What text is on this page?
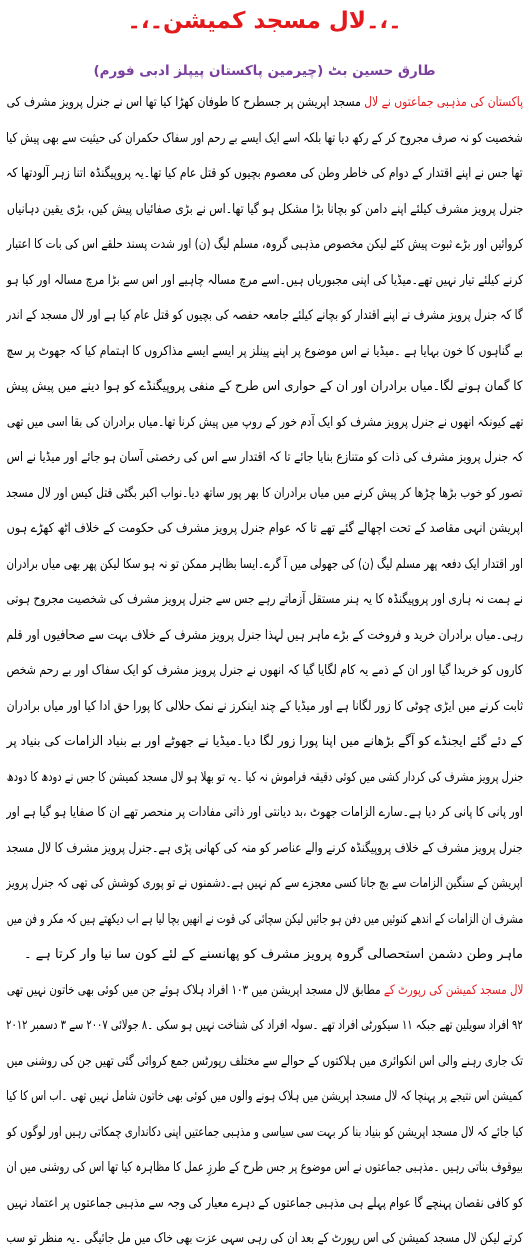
۔،۔لال مسجد کمیشن۔،۔
طارق حسین بٹ (چیرمین پاکستان پیپلز ادبی فورم)
پاکستان کی مذہبی جماعتوں نے لال مسجد اپریشن پر جسطرح کا طوفان کھڑا کیا تھا اس نے جنرل پرویز مشرف کی
شخصیت کو نہ صرف مجروح کر کے رکھ دیا تھا بلکہ اسے ایک ایسے بے رحم اور سفاک حکمران کی حیثیت سے بھی پیش کیا
تھا جس نے اپنے اقتدار کے دوام کی خاطر وطن کی معصوم بچیوں کو قتل عام کیا تھا۔یہ پروپیگنڈہ اتنا زہر آلودتھا کہ
جنرل پرویز مشرف کیلئے اپنے دامن کو بچانا بڑا مشکل ہو گیا تھا۔اس نے بڑی صفائیاں پیش کیں، بڑی یقین دہانیاں
کروائیں اور بڑے ثبوت پیش کئے لیکن مخصوص مذہبی گروہ، مسلم لیگ (ن) اور شدت پسند حلقے اس کی بات کا اعتبار
کرنے کیلئے تیار نہیں تھے۔میڈیا کی اپنی مجبوریاں ہیں۔اسے مرچ مسالہ چاہیے اور اس سے بڑا مرچ مسالہ اور کیا ہو
گا کہ جنرل پرویز مشرف نے اپنے اقتدار کو بچانے کیلئے جامعہ حفصہ کی بچیوں کو قتل عام کیا ہے اور لال مسجد کے اندر
بے گناہوں کا خون بہایا ہے ۔میڈیا نے اس موضوع پر اپنے پینلز پر ایسے ایسے مذاکروں کا اہتمام کیا کہ جھوٹ پر سچ
کا گمان ہونے لگا۔میاں برادران اور ان کے حواری اس طرح کے منفی پروپیگنڈے کو ہوا دینے میں پیش پیش
تھے کیونکہ انھوں نے جنرل پرویز مشرف کو ایک آدم خور کے روپ میں پیش کرنا تھا۔میاں برادران کی بقا اسی میں تھی
کہ جنرل پرویز مشرف کی ذات کو متنازع بنایا جائے تا کہ اقتدار سے اس کی رخصتی آسان ہو جائے اور میڈیا نے اس
تصور کو خوب بڑھا چڑھا کر پیش کرنے میں میاں برادران کا بھر پور ساتھ دیا۔نواب اکبر بگٹی قتل کیس اور لال مسجد
اپریشن انہی مقاصد کے تحت اچھالے گئے تھے تا کہ عوام جنرل پرویز مشرف کی حکومت کے خلاف اٹھ کھڑے ہوں
اور اقتدار ایک دفعہ پھر مسلم لیگ (ن) کی جھولی میں آ گرے۔ایسا بظاہر ممکن تو نہ ہو سکا لیکن پھر بھی میاں برادران
نے ہمت نہ ہاری اور پروپیگنڈہ کا یہ ہنر مستقل آزماتے رہے جس سے جنرل پرویز مشرف کی شخصیت مجروح ہوتی
رہی۔میاں برادران خرید و فروخت کے بڑے ماہر ہیں لہذا جنرل پرویز مشرف کے خلاف بہت سے صحافیوں اور قلم
کاروں کو خریدا گیا اور ان کے ذمے یہ کام لگایا گیا کہ انھوں نے جنرل پرویز مشرف کو ایک سفاک اور بے رحم شخص
ثابت کرنے میں ایڑی چوٹی کا زور لگانا ہے اور میڈیا کے چند اینکرز نے نمک حلالی کا پورا حق ادا کیا اور میاں برادران
کے دئے گئے ایجنڈے کو آگے بڑھانے میں اپنا پورا زور لگا دیا۔میڈیا نے جھوٹے اور بے بنیاد الزامات کی بنیاد پر
جنرل پرویز مشرف کی کردار کشی میں کوئی دقیقہ فراموش نہ کیا ۔یہ تو بھلا ہو لال مسجد کمیشن کا جس نے دودھ کا دودھ
اور پانی کا پانی کر دیا ہے۔سارے الزامات جھوٹ ،بد دیانتی اور ذاتی مفادات پر منحصر تھے ان کا صفایا ہو گیا ہے اور
جنرل پرویز مشرف کے خلاف پروپیگنڈہ کرنے والے عناصر کو منہ کی کھانی پڑی ہے۔جنرل پرویز مشرف کا لال مسجد
اپریشن کے سنگین الزامات سے بچ جانا کسی معجزے سے کم نہیں ہے۔دشمنوں نے تو پوری کوشش کی تھی کہ جنرل پرویز
مشرف ان الزامات کے اندھے کنوئیں میں دفن ہو جائیں لیکن سچائی کی قوت نے انھیں بچا لیا ہے اب دیکھتے ہیں کہ مکر و فن میں
ماہر وطن دشمن استحصالی گروہ پرویز مشرف کو پھانسنے کے لئے کون سا نیا وار کرتا ہے ۔
لال مسجد کمیشن کی رپورٹ کے مطابق لال مسجد اپریشن میں ۱۰۳ افراد ہلاک ہوئے جن میں کوئی بھی خاتون نہیں تھی
۹۲ افراد سویلین تھے جبکہ ۱۱ سیکورٹی افراد تھے ۔سولہ افراد کی شناخت نہیں ہو سکی ۔۸ جولائی ۲۰۰۷ سے ۳ دسمبر ۲۰۱۲
تک جاری رہنے والی اس انکوائری میں ہلاکتوں کے حوالے سے مختلف رپورٹس جمع کروائی گئی تھیں جن کی روشنی میں
کمیشن اس نتیجے پر پہنچا کہ لال مسجد اپریشن میں ہلاک ہونے والوں میں کوئی بھی خاتون شامل نہیں تھی ۔اب اس کا کیا
کیا جائے کہ لال مسجد اپریشن کو بنیاد بنا کر بہت سی سیاسی و مذہبی جماعتیں اپنی دکانداری چمکاتی رہیں اور لوگوں کو
بیوقوف بناتی رہیں ۔مذہبی جماعتوں نے اس موضوع پر جس طرح کے طرزِ عمل کا مظاہرہ کیا تھا اس کی روشنی میں ان
کو کافی نقصان پہنچے گا عوام پہلے ہی مذہبی جماعتوں کے دہرے معیار کی وجہ سے مذہبی جماعتوں پر اعتماد نہیں
کرتے لیکن لال مسجد کمیشن کی اس رپورٹ کے بعد ان کی رہی سہی عزت بھی خاک میں مل جائیگی ۔یہ منظر تو سب
